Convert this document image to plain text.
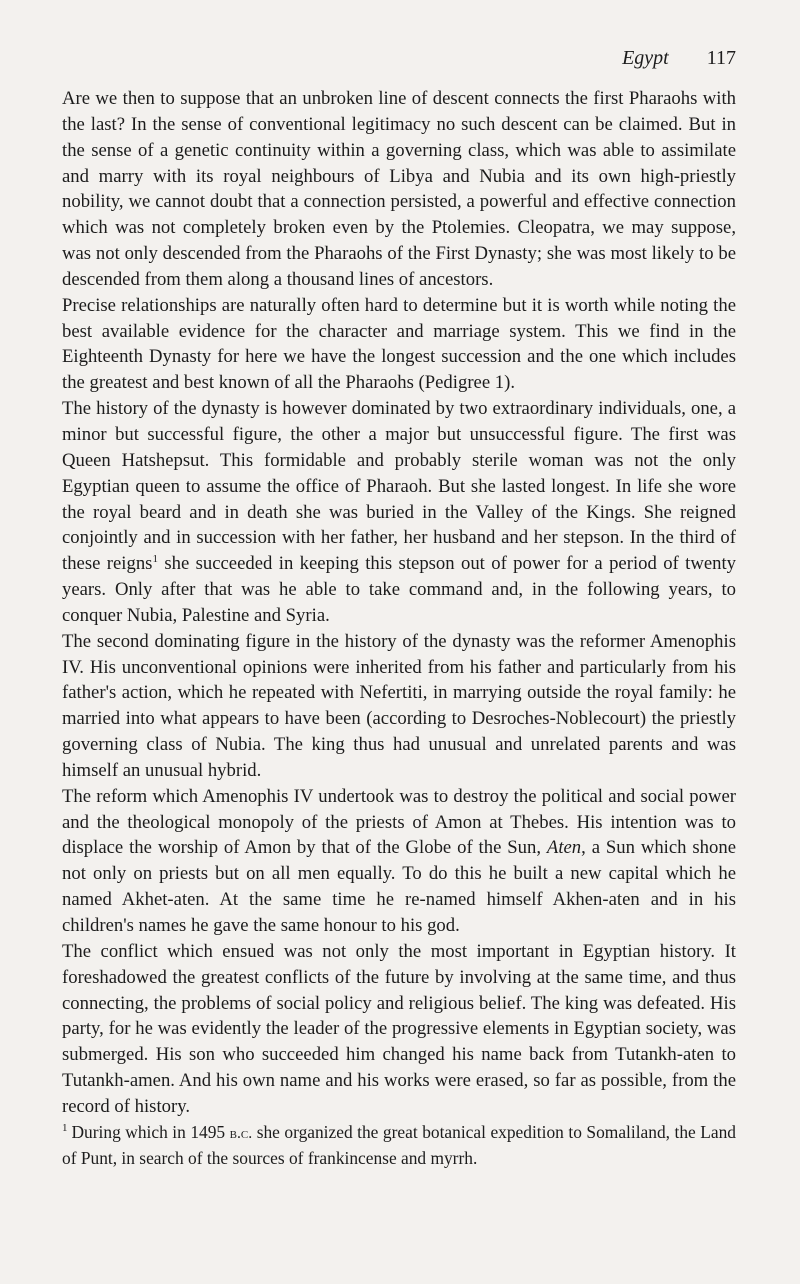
Egypt 117

Are we then to suppose that an unbroken line of descent connects the first Pharaohs with the last? In the sense of conventional legitimacy no such descent can be claimed. But in the sense of a genetic continuity within a governing class, which was able to assimilate and marry with its royal neighbours of Libya and Nubia and its own high-priestly nobility, we cannot doubt that a connection persisted, a powerful and effective connection which was not completely broken even by the Ptolemies. Cleopatra, we may suppose, was not only descended from the Pharaohs of the First Dynasty; she was most likely to be descended from them along a thousand lines of ancestors.

Precise relationships are naturally often hard to determine but it is worth while noting the best available evidence for the character and marriage system. This we find in the Eighteenth Dynasty for here we have the longest succession and the one which includes the greatest and best known of all the Pharaohs (Pedigree 1).

The history of the dynasty is however dominated by two extraordinary individuals, one, a minor but successful figure, the other a major but unsuccessful figure. The first was Queen Hatshepsut. This formidable and probably sterile woman was not the only Egyptian queen to assume the office of Pharaoh. But she lasted longest. In life she wore the royal beard and in death she was buried in the Valley of the Kings. She reigned conjointly and in succession with her father, her husband and her stepson. In the third of these reigns$^1$ she succeeded in keeping this stepson out of power for a period of twenty years. Only after that was he able to take command and, in the following years, to conquer Nubia, Palestine and Syria.

The second dominating figure in the history of the dynasty was the reformer Amenophis IV. His unconventional opinions were inherited from his father and particularly from his father's action, which he repeated with Nefertiti, in marrying outside the royal family: he married into what appears to have been (according to Desroches-Noblecourt) the priestly governing class of Nubia. The king thus had unusual and unrelated parents and was himself an unusual hybrid.

The reform which Amenophis IV undertook was to destroy the political and social power and the theological monopoly of the priests of Amon at Thebes. His intention was to displace the worship of Amon by that of the Globe of the Sun, Aten, a Sun which shone not only on priests but on all men equally. To do this he built a new capital which he named Akhet-aten. At the same time he re-named himself Akhen-aten and in his children's names he gave the same honour to his god.

The conflict which ensued was not only the most important in Egyptian history. It foreshadowed the greatest conflicts of the future by involving at the same time, and thus connecting, the problems of social policy and religious belief. The king was defeated. His party, for he was evidently the leader of the progressive elements in Egyptian society, was submerged. His son who succeeded him changed his name back from Tutankh-aten to Tutankh-amen. And his own name and his works were erased, so far as possible, from the record of history.

$^1$ During which in 1495 b.c. she organized the great botanical expedition to Somaliland, the Land of Punt, in search of the sources of frankincense and myrrh.
